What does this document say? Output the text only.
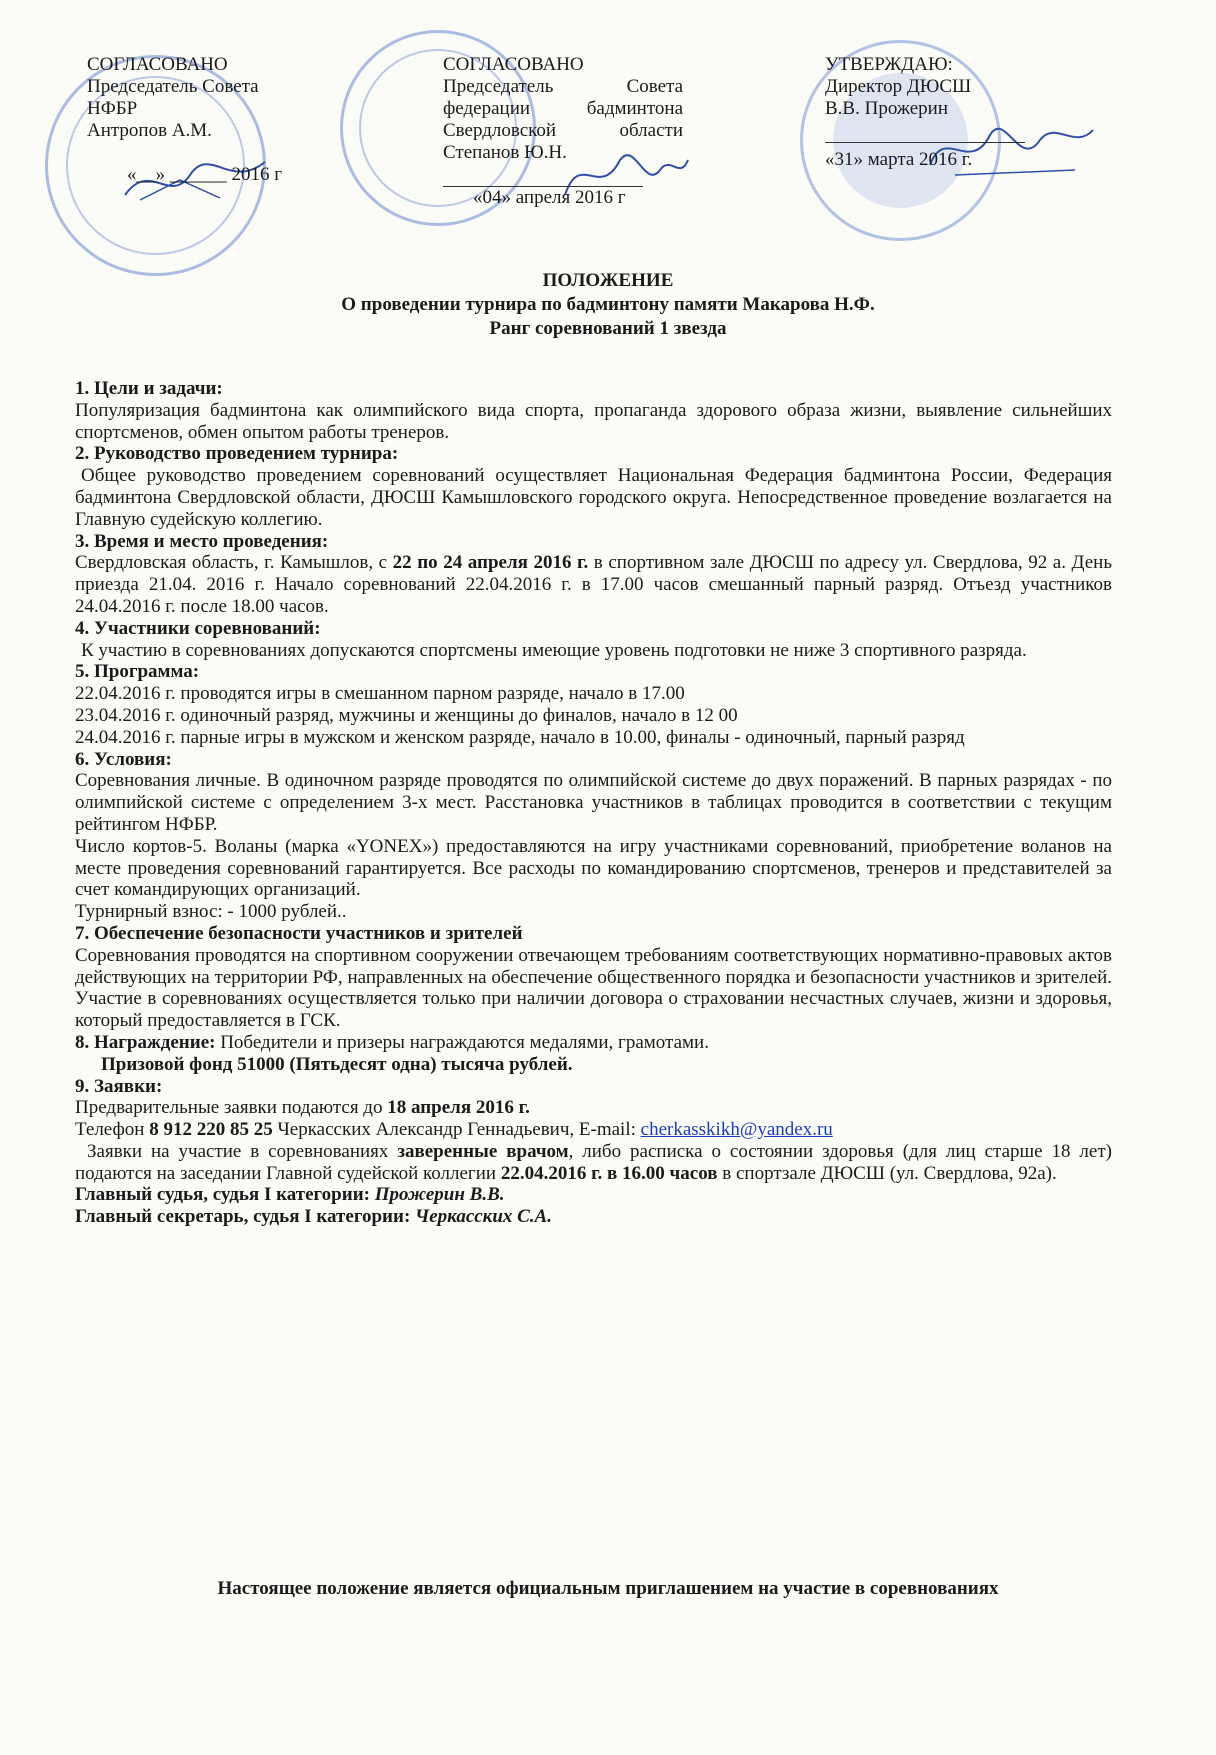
СОГЛАСОВАНО
Председатель Совета
НФБР
Антропов А.М.
«__» ______ 2016 г
СОГЛАСОВАНО
Председатель	Совета
федерации	бадминтона
Свердловской	области
Степанов Ю.Н.
«04» апреля 2016 г
УТВЕРЖДАЮ:
Директор ДЮСШ
В.В. Прожерин
«31» марта 2016 г.
ПОЛОЖЕНИЕ
О проведении турнира по бадминтону памяти Макарова Н.Ф.
Ранг соревнований 1 звезда

1. Цели и задачи:

Популяризация бадминтона как олимпийского вида спорта, пропаганда здорового образа жизни, выявление сильнейших спортсменов, обмен опытом работы тренеров.

2. Руководство проведением турнира:

Общее руководство проведением соревнований осуществляет Национальная Федерация бадминтона России, Федерация бадминтона Свердловской области, ДЮСШ Камышловского городского округа. Непосредственное проведение возлагается на Главную судейскую коллегию.

3. Время и место проведения:

Свердловская область, г. Камышлов, с 22 по 24 апреля 2016 г. в спортивном зале ДЮСШ по адресу ул. Свердлова, 92 а. День приезда 21.04. 2016 г. Начало соревнований 22.04.2016 г. в 17.00 часов смешанный парный разряд. Отъезд участников 24.04.2016 г. после 18.00 часов.

4. Участники соревнований:

К участию в соревнованиях допускаются спортсмены имеющие уровень подготовки не ниже 3 спортивного разряда.

5. Программа:

22.04.2016 г. проводятся игры в смешанном парном разряде, начало в 17.00

23.04.2016 г. одиночный разряд, мужчины и женщины до финалов, начало в 12 00

24.04.2016 г. парные игры в мужском и женском разряде, начало в 10.00, финалы - одиночный, парный разряд

6. Условия:

Соревнования личные. В одиночном разряде проводятся по олимпийской системе до двух поражений. В парных разрядах - по олимпийской системе с определением 3-х мест. Расстановка участников в таблицах проводится в соответствии с текущим рейтингом НФБР.

Число кортов-5. Воланы (марка «YONEX») предоставляются на игру участниками соревнований, приобретение воланов на месте проведения соревнований гарантируется. Все расходы по командированию спортсменов, тренеров и представителей за счет командирующих организаций.

Турнирный взнос: - 1000 рублей..

7. Обеспечение безопасности участников и зрителей

Соревнования проводятся на спортивном сооружении отвечающем требованиям соответствующих нормативно-правовых актов действующих на территории РФ, направленных на обеспечение общественного порядка и безопасности участников и зрителей. Участие в соревнованиях осуществляется только при наличии договора о страховании несчастных случаев, жизни и здоровья, который предоставляется в ГСК.

8. Награждение: Победители и призеры награждаются медалями, грамотами.

Призовой фонд 51000 (Пятьдесят одна) тысяча рублей.

9. Заявки:

Предварительные заявки подаются до 18 апреля 2016 г.

Телефон 8 912 220 85 25 Черкасских Александр Геннадьевич, E-mail: cherkasskikh@yandex.ru

Заявки на участие в соревнованиях заверенные врачом, либо расписка о состоянии здоровья (для лиц старше 18 лет) подаются на заседании Главной судейской коллегии 22.04.2016 г. в 16.00 часов в спортзале ДЮСШ (ул. Свердлова, 92а).

Главный судья, судья I категории: Прожерин В.В.

Главный секретарь, судья I категории: Черкасских С.А.

Настоящее положение является официальным приглашением на участие в соревнованиях
